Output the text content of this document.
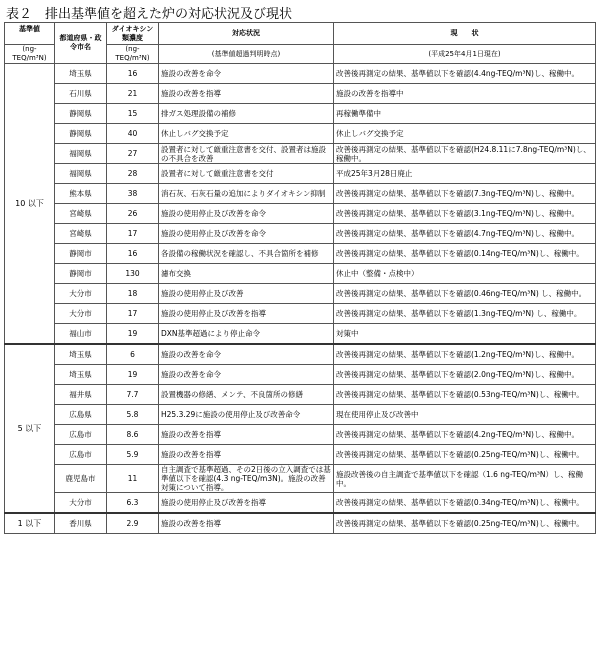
表２　排出基準値を超えた炉の対応状況及び現状
基準値	都道府県・政令市名	ダイオキシン類濃度	対応状況	現　　状
(ng-TEQ/m³N)		(ng-TEQ/m³N)	(基準値超過判明時点)	(平成25年4月1日現在)
10 以下	埼玉県	16	施設の改善を命令	改善後再測定の結果、基準値以下を確認(4.4ng-TEQ/m³N)し、稼働中。
	石川県	21	施設の改善を指導	施設の改善を指導中
	静岡県	15	排ガス処理設備の補修	再稼働準備中
	静岡県	40	休止しバグ交換予定	休止しバグ交換予定
	福岡県	27	設置者に対して厳重注意書を交付、設置者は施設の不具合を改善	改善後再測定の結果、基準値以下を確認(H24.8.11に7.8ng-TEQ/m³N)し、稼働中。
	福岡県	28	設置者に対して厳重注意書を交付	平成25年3月28日廃止
	熊本県	38	消石灰、石灰石量の追加によりダイオキシン抑制	改善後再測定の結果、基準値以下を確認(7.3ng-TEQ/m³N)し、稼働中。
	宮崎県	26	施設の使用停止及び改善を命令	改善後再測定の結果、基準値以下を確認(3.1ng-TEQ/m³N)し、稼働中。
	宮崎県	17	施設の使用停止及び改善を命令	改善後再測定の結果、基準値以下を確認(4.7ng-TEQ/m³N)し、稼働中。
	静岡市	16	各設備の稼働状況を確認し、不具合箇所を補修	改善後再測定の結果、基準値以下を確認(0.14ng-TEQ/m³N)し、稼働中。
	静岡市	130	濾布交換	休止中（整備・点検中）
	大分市	18	施設の使用停止及び改善	改善後再測定の結果、基準値以下を確認(0.46ng-TEQ/m³N) し、稼働中。
	大分市	17	施設の使用停止及び改善を指導	改善後再測定の結果、基準値以下を確認(1.3ng-TEQ/m³N) し、稼働中。
	福山市	19	DXN基準超過により停止命令	対策中
5 以下	埼玉県	6	施設の改善を命令	改善後再測定の結果、基準値以下を確認(1.2ng-TEQ/m³N)し、稼働中。
	埼玉県	19	施設の改善を命令	改善後再測定の結果、基準値以下を確認(2.0ng-TEQ/m³N)し、稼働中。
	福井県	7.7	設置機器の修繕、メンテ、不良箇所の修繕	改善後再測定の結果、基準値以下を確認(0.53ng-TEQ/m³N)し、稼働中。
	広島県	5.8	H25.3.29に施設の使用停止及び改善命令	現在使用停止及び改善中
	広島市	8.6	施設の改善を指導	改善後再測定の結果、基準値以下を確認(4.2ng-TEQ/m³N)し、稼働中。
	広島市	5.9	施設の改善を指導	改善後再測定の結果、基準値以下を確認(0.25ng-TEQ/m³N)し、稼働中。
	鹿児島市	11	自主調査で基準超過、その2日後の立入調査では基準値以下を確認(4.3 ng-TEQ/m3N)。施設の改善対策について指導。	施設改善後の自主調査で基準値以下を確認（1.6 ng-TEQ/m³N）し、稼働中。
	大分市	6.3	施設の使用停止及び改善を指導	改善後再測定の結果、基準値以下を確認(0.34ng-TEQ/m³N)し、稼働中。
1 以下	香川県	2.9	施設の改善を指導	改善後再測定の結果、基準値以下を確認(0.25ng-TEQ/m³N)し、稼働中。
